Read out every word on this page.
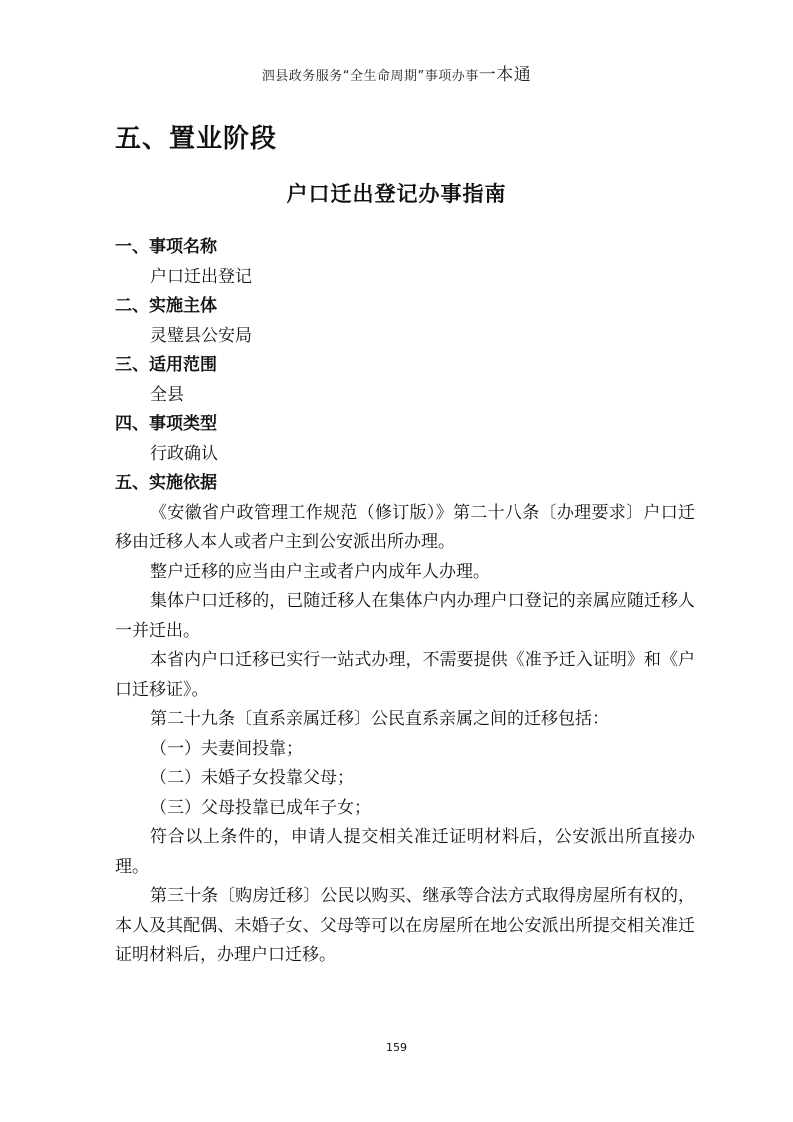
泗县政务服务“全生命周期”事项办事一本通
五、置业阶段
户口迁出登记办事指南
一、事项名称
户口迁出登记
二、实施主体
灵璧县公安局
三、适用范围
全县
四、事项类型
行政确认
五、实施依据
《安徽省户政管理工作规范（修订版）》第二十八条〔办理要求〕户口迁移由迁移人本人或者户主到公安派出所办理。
整户迁移的应当由户主或者户内成年人办理。
集体户口迁移的，已随迁移人在集体户内办理户口登记的亲属应随迁移人一并迁出。
本省内户口迁移已实行一站式办理，不需要提供《准予迁入证明》和《户口迁移证》。
第二十九条〔直系亲属迁移〕公民直系亲属之间的迁移包括：
（一）夫妻间投靠；
（二）未婚子女投靠父母；
（三）父母投靠已成年子女；
符合以上条件的，申请人提交相关准迁证明材料后，公安派出所直接办理。
第三十条〔购房迁移〕公民以购买、继承等合法方式取得房屋所有权的，本人及其配偶、未婚子女、父母等可以在房屋所在地公安派出所提交相关准迁证明材料后，办理户口迁移。
159
